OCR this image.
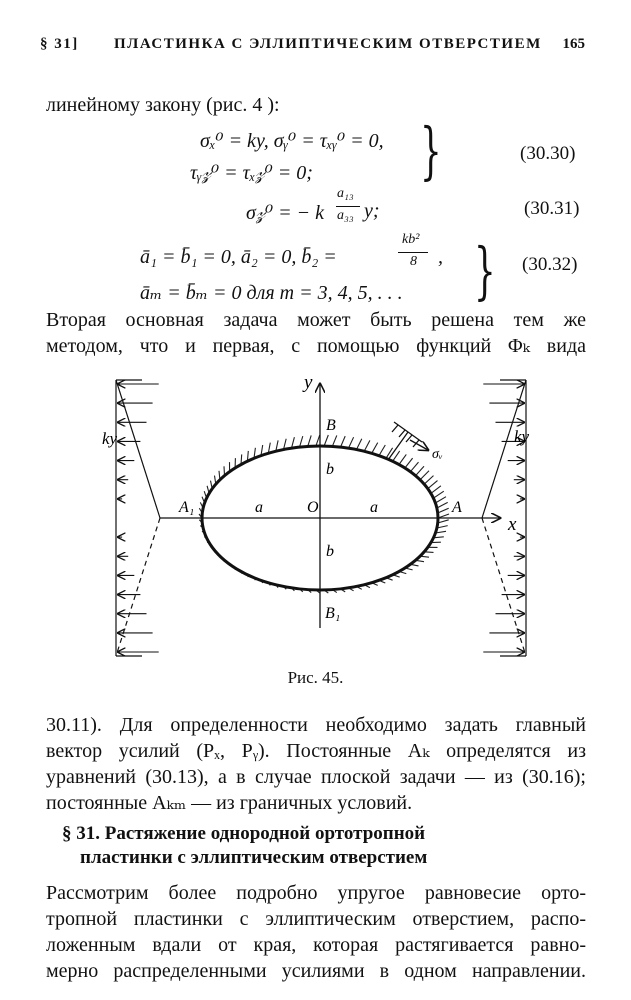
§ 31] ПЛАСТИНКА С ЭЛЛИПТИЧЕСКИМ ОТВЕРСТИЕМ 165
линейному закону (рис. 4 ):
σₓ⁰ = ky, σᵧ⁰ = τₓᵧ⁰ = 0,
τᵧ𝓏⁰ = τₓ𝓏⁰ = 0; }	(30.30)
σ𝓏⁰ = − k
a₁₃
a₃₃ y;	(30.31)
ā₁ = b̄₁ = 0, ā₂ = 0, b̄₂ =
kb²
8 ,
āₘ = b̄ₘ = 0 для m = 3, 4, 5, . . . } (30.32)
Вторая основная задача может быть решена тем же
методом, что и первая, с помощью функций Φₖ вида
y
x
B
B₁
A
A₁	O
a	a
b
b
ky	ky
σᵥ
Рис. 45.
30.11). Для определенности необходимо задать главный
вектор усилий (Pₓ, Pᵧ). Постоянные Aₖ определятся из
уравнений (30.13), а в случае плоской задачи — из (30.16);
постоянные Aₖₘ — из граничных условий.
§ 31. Растяжение однородной ортотропной
пластинки с эллиптическим отверстием
Рассмотрим более подробно упругое равновесие орто-
тропной пластинки с эллиптическим отверстием, распо-
ложенным вдали от края, которая растягивается равно-
мерно распределенными усилиями в одном направлении.
